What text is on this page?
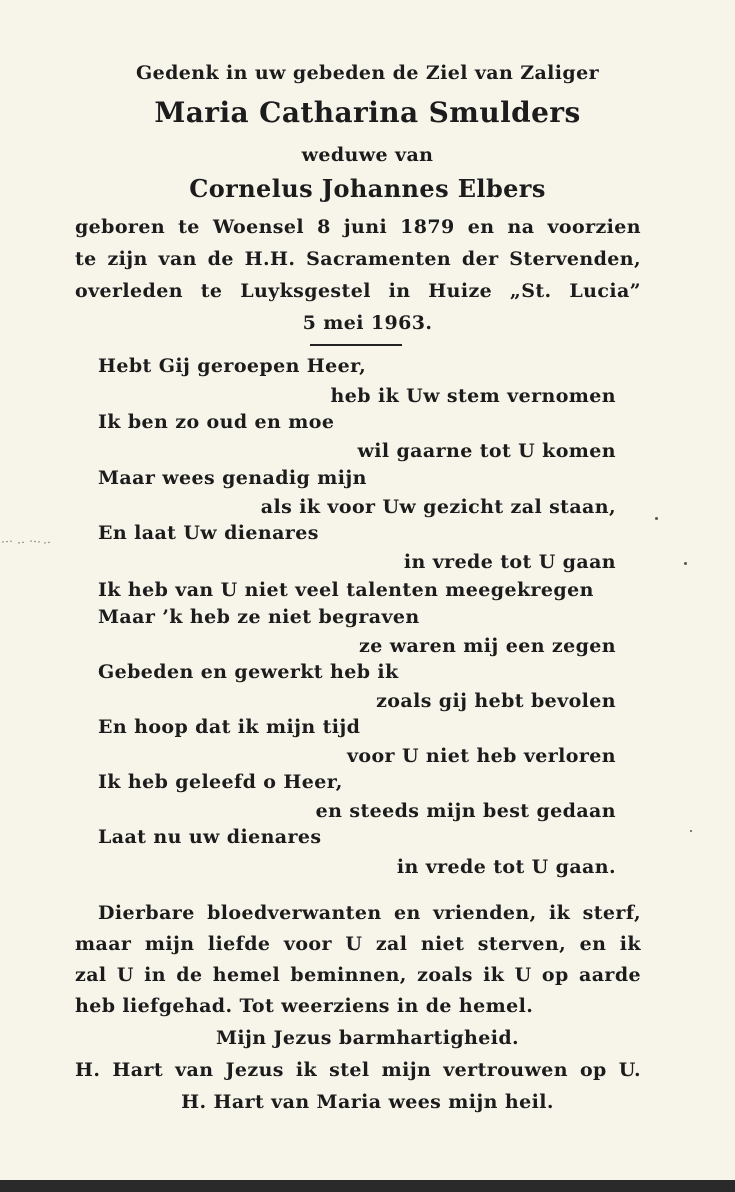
Gedenk in uw gebeden de Ziel van Zaliger
Maria Catharina Smulders
weduwe van
Cornelus Johannes Elbers
geboren te Woensel 8 juni 1879 en na voorzien
te zijn van de H.H. Sacramenten der Stervenden,
overleden te Luyksgestel in Huize „St. Lucia”
5 mei 1963.
Hebt Gij geroepen Heer,
heb ik Uw stem vernomen
Ik ben zo oud en moe
wil gaarne tot U komen
Maar wees genadig mijn
als ik voor Uw gezicht zal staan,
En laat Uw dienares
in vrede tot U gaan
Ik heb van U niet veel talenten meegekregen
Maar ’k heb ze niet begraven
ze waren mij een zegen
Gebeden en gewerkt heb ik
zoals gij hebt bevolen
En hoop dat ik mijn tijd
voor U niet heb verloren
Ik heb geleefd o Heer,
en steeds mijn best gedaan
Laat nu uw dienares
in vrede tot U gaan.
Dierbare bloedverwanten en vrienden, ik sterf,
maar mijn liefde voor U zal niet sterven, en ik
zal U in de hemel beminnen, zoals ik U op aarde
heb liefgehad. Tot weerziens in de hemel.
Mijn Jezus barmhartigheid.
H. Hart van Jezus ik stel mijn vertrouwen op U.
H. Hart van Maria wees mijn heil.
